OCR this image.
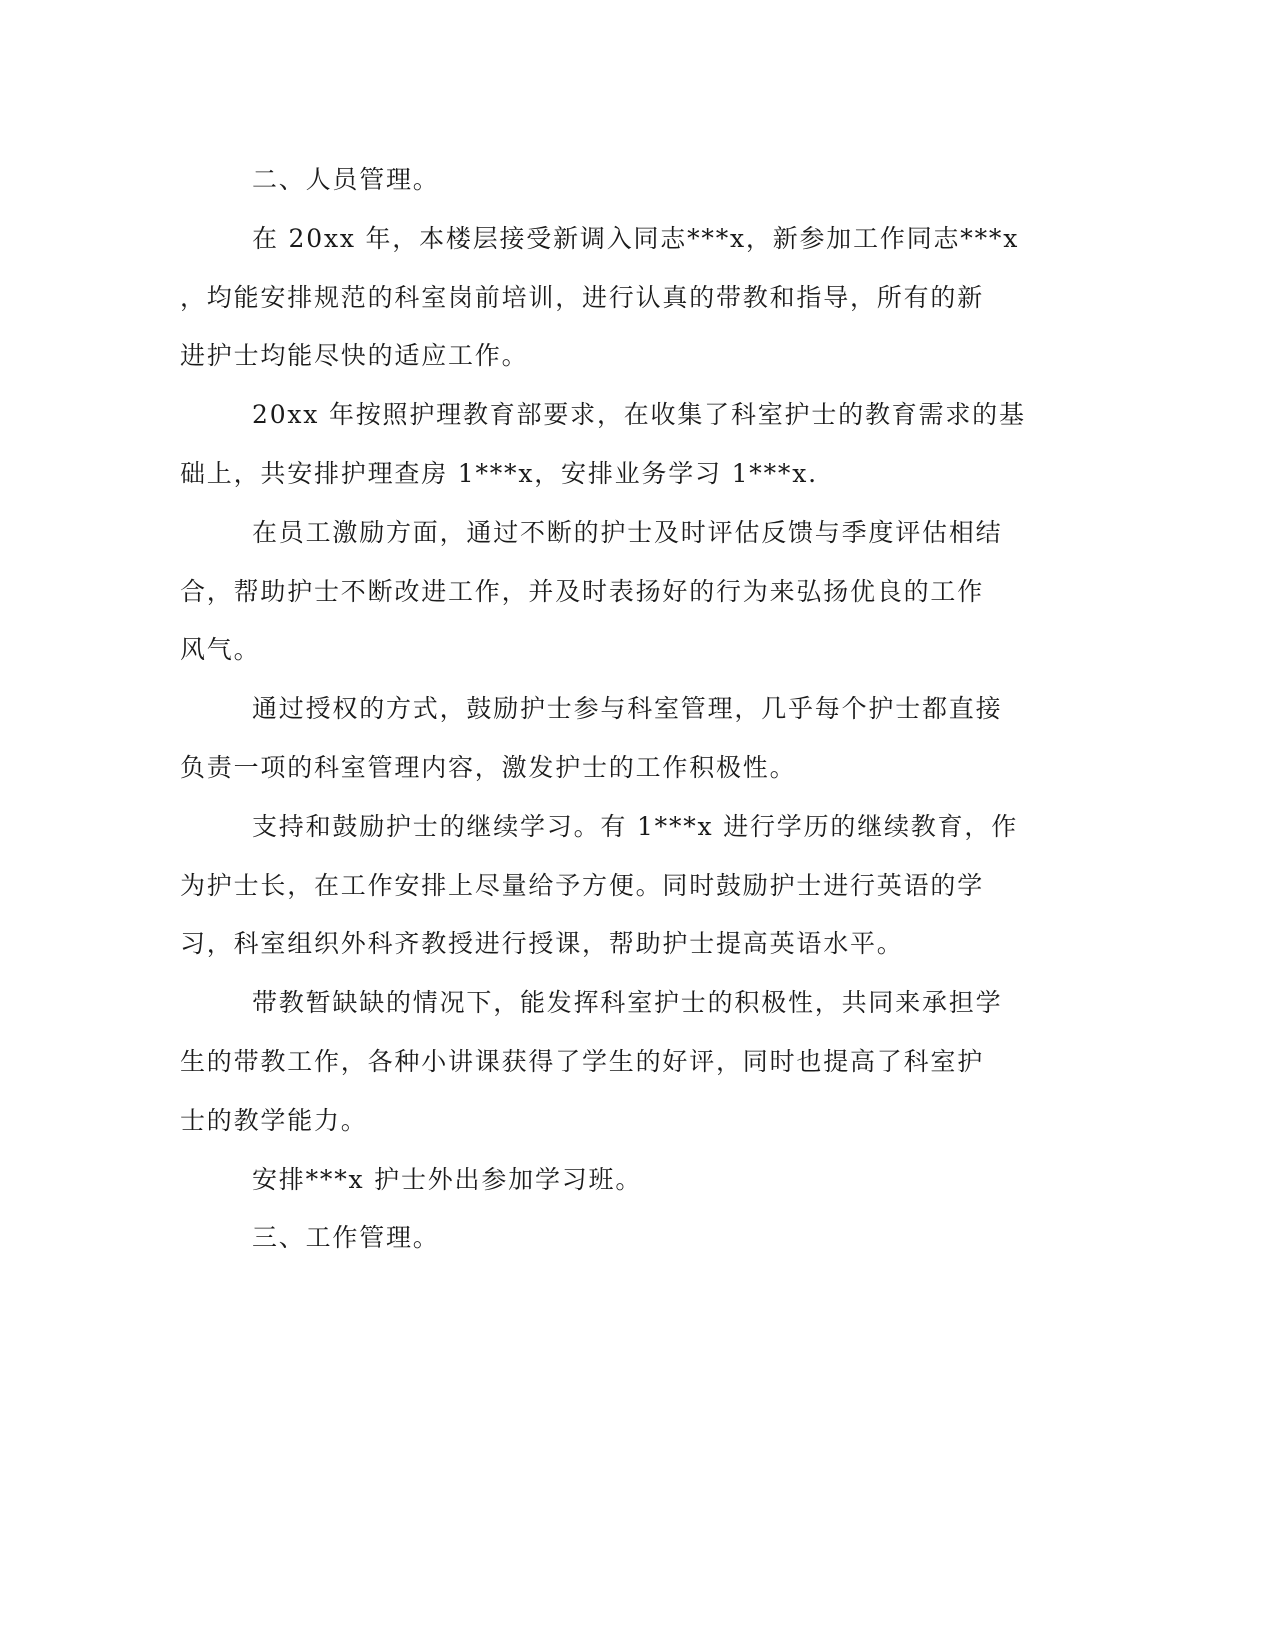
二、人员管理。
在 20xx 年，本楼层接受新调入同志***x，新参加工作同志***x
，均能安排规范的科室岗前培训，进行认真的带教和指导，所有的新
进护士均能尽快的适应工作。
20xx 年按照护理教育部要求，在收集了科室护士的教育需求的基
础上，共安排护理查房 1***x，安排业务学习 1***x.
在员工激励方面，通过不断的护士及时评估反馈与季度评估相结
合，帮助护士不断改进工作，并及时表扬好的行为来弘扬优良的工作
风气。
通过授权的方式，鼓励护士参与科室管理，几乎每个护士都直接
负责一项的科室管理内容，激发护士的工作积极性。
支持和鼓励护士的继续学习。有 1***x 进行学历的继续教育，作
为护士长，在工作安排上尽量给予方便。同时鼓励护士进行英语的学
习，科室组织外科齐教授进行授课，帮助护士提高英语水平。
带教暂缺缺的情况下，能发挥科室护士的积极性，共同来承担学
生的带教工作，各种小讲课获得了学生的好评，同时也提高了科室护
士的教学能力。
安排***x 护士外出参加学习班。
三、工作管理。
